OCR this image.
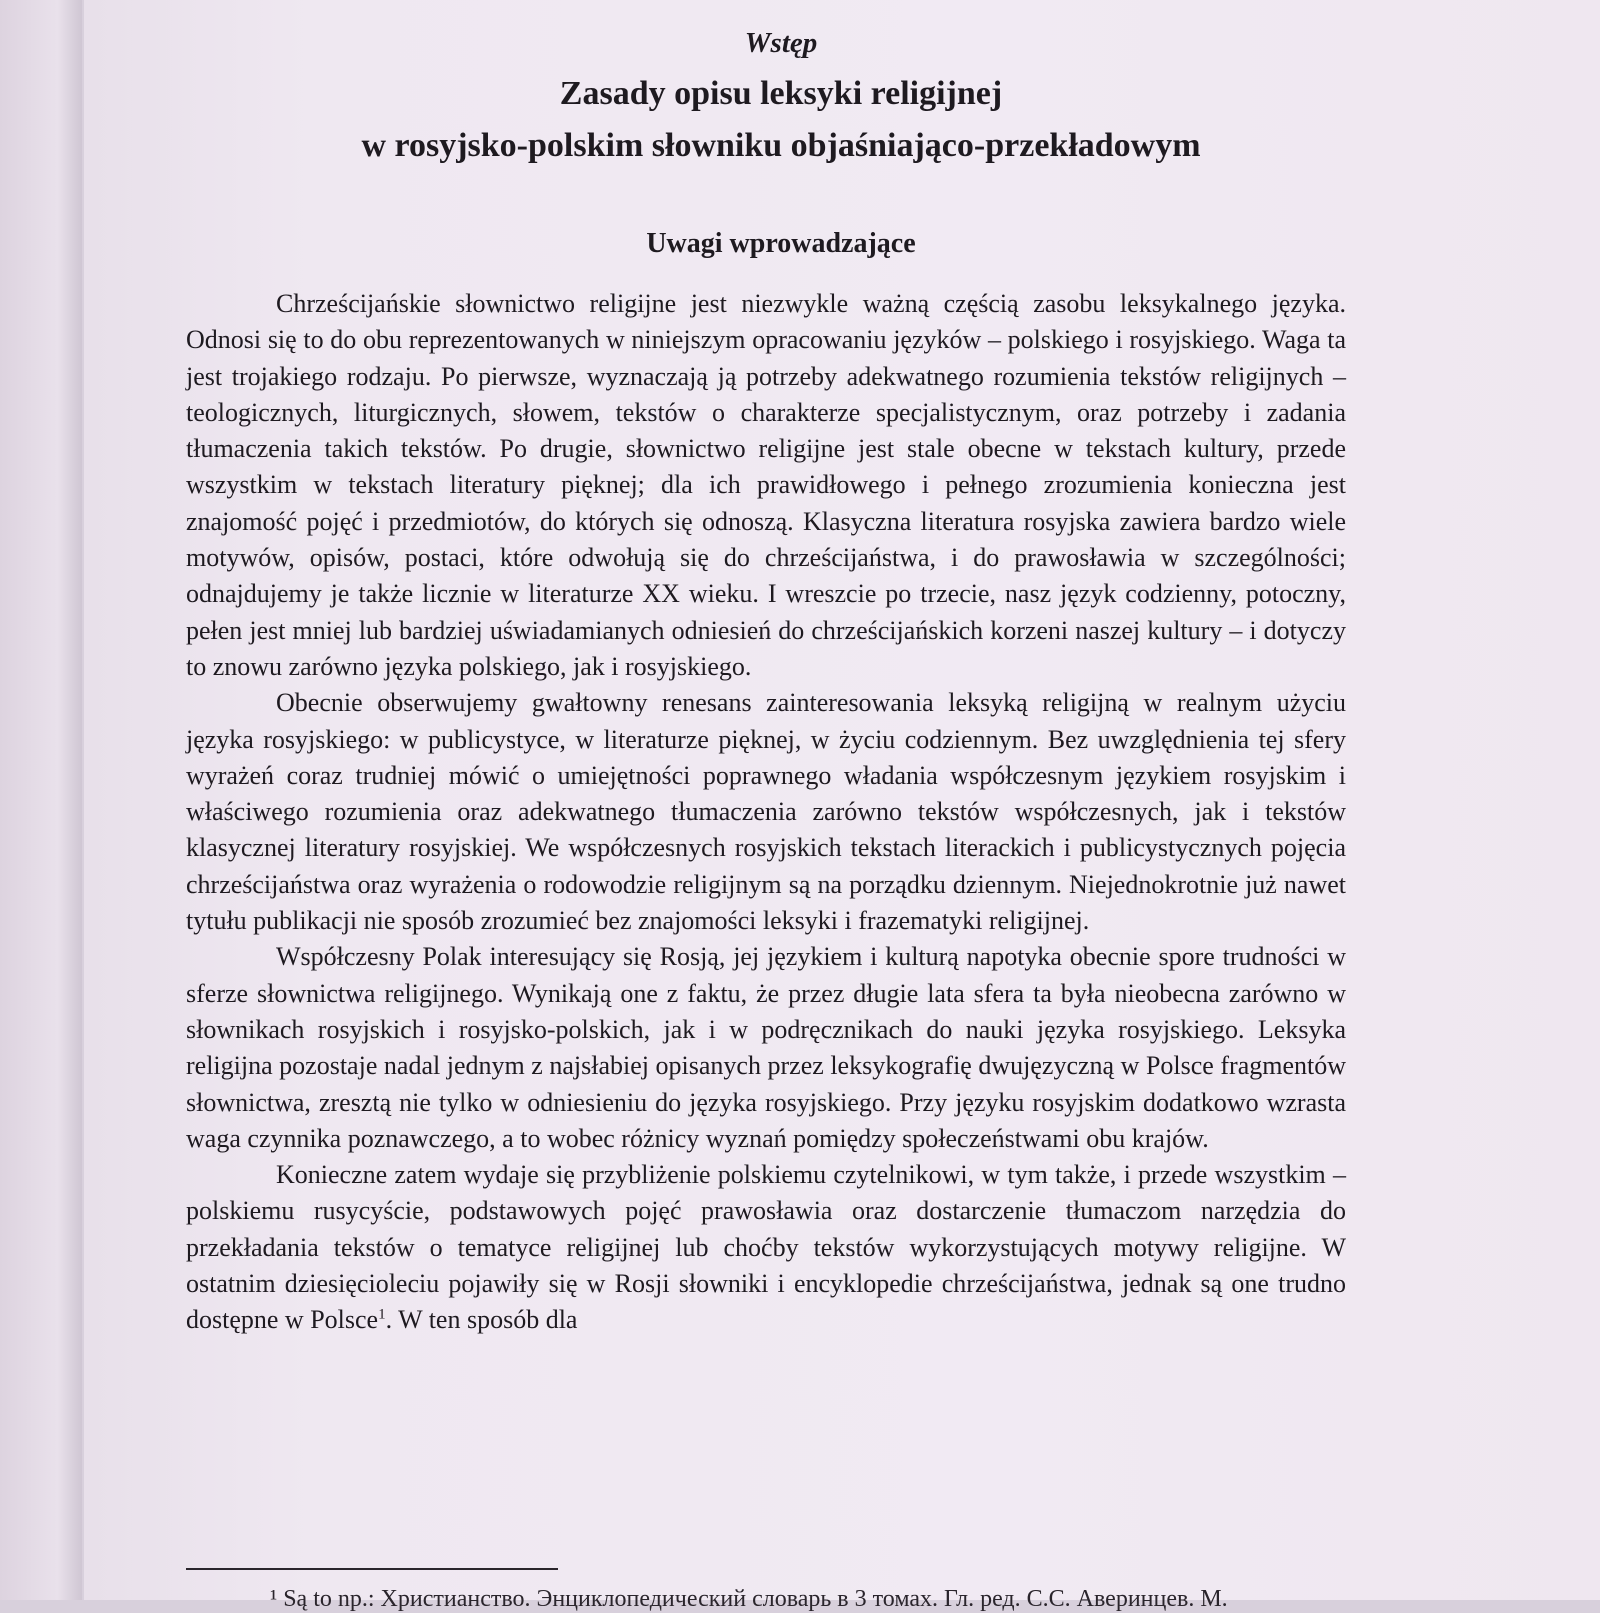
Wstęp
Zasady opisu leksyki religijnej
w rosyjsko-polskim słowniku objaśniająco-przekładowym
Uwagi wprowadzające

Chrześcijańskie słownictwo religijne jest niezwykle ważną częścią zasobu leksykalnego języka. Odnosi się to do obu reprezentowanych w niniejszym opracowaniu języków – polskiego i rosyjskiego. Waga ta jest trojakiego rodzaju. Po pierwsze, wyznaczają ją potrzeby adekwatnego rozumienia tekstów religijnych – teologicznych, liturgicznych, słowem, tekstów o charakterze specjalistycznym, oraz potrzeby i zadania tłumaczenia takich tekstów. Po drugie, słownictwo religijne jest stale obecne w tekstach kultury, przede wszystkim w tekstach literatury pięknej; dla ich prawidłowego i pełnego zrozumienia konieczna jest znajomość pojęć i przedmiotów, do których się odnoszą. Klasyczna literatura rosyjska zawiera bardzo wiele motywów, opisów, postaci, które odwołują się do chrześcijaństwa, i do prawosławia w szczególności; odnajdujemy je także licznie w literaturze XX wieku. I wreszcie po trzecie, nasz język codzienny, potoczny, pełen jest mniej lub bardziej uświadamianych odniesień do chrześcijańskich korzeni naszej kultury – i dotyczy to znowu zarówno języka polskiego, jak i rosyjskiego.

Obecnie obserwujemy gwałtowny renesans zainteresowania leksyką religijną w realnym użyciu języka rosyjskiego: w publicystyce, w literaturze pięknej, w życiu codziennym. Bez uwzględnienia tej sfery wyrażeń coraz trudniej mówić o umiejętności poprawnego władania współczesnym językiem rosyjskim i właściwego rozumienia oraz adekwatnego tłumaczenia zarówno tekstów współczesnych, jak i tekstów klasycznej literatury rosyjskiej. We współczesnych rosyjskich tekstach literackich i publicystycznych pojęcia chrześcijaństwa oraz wyrażenia o rodowodzie religijnym są na porządku dziennym. Niejednokrotnie już nawet tytułu publikacji nie sposób zrozumieć bez znajomości leksyki i frazematyki religijnej.

Współczesny Polak interesujący się Rosją, jej językiem i kulturą napotyka obecnie spore trudności w sferze słownictwa religijnego. Wynikają one z faktu, że przez długie lata sfera ta była nieobecna zarówno w słownikach rosyjskich i rosyjsko-polskich, jak i w podręcznikach do nauki języka rosyjskiego. Leksyka religijna pozostaje nadal jednym z najsłabiej opisanych przez leksykografię dwujęzyczną w Polsce fragmentów słownictwa, zresztą nie tylko w odniesieniu do języka rosyjskiego. Przy języku rosyjskim dodatkowo wzrasta waga czynnika poznawczego, a to wobec różnicy wyznań pomiędzy społeczeństwami obu krajów.

Konieczne zatem wydaje się przybliżenie polskiemu czytelnikowi, w tym także, i przede wszystkim – polskiemu rusycyście, podstawowych pojęć prawosławia oraz dostarczenie tłumaczom narzędzia do przekładania tekstów o tematyce religijnej lub choćby tekstów wykorzystujących motywy religijne. W ostatnim dziesięcioleciu pojawiły się w Rosji słowniki i encyklopedie chrześcijaństwa, jednak są one trudno dostępne w Polsce$^1$. W ten sposób dla

¹ Są to np.: Христианство. Энциклопедический словарь в 3 томах. Гл. ред. С.С. Аверинцев. М.
